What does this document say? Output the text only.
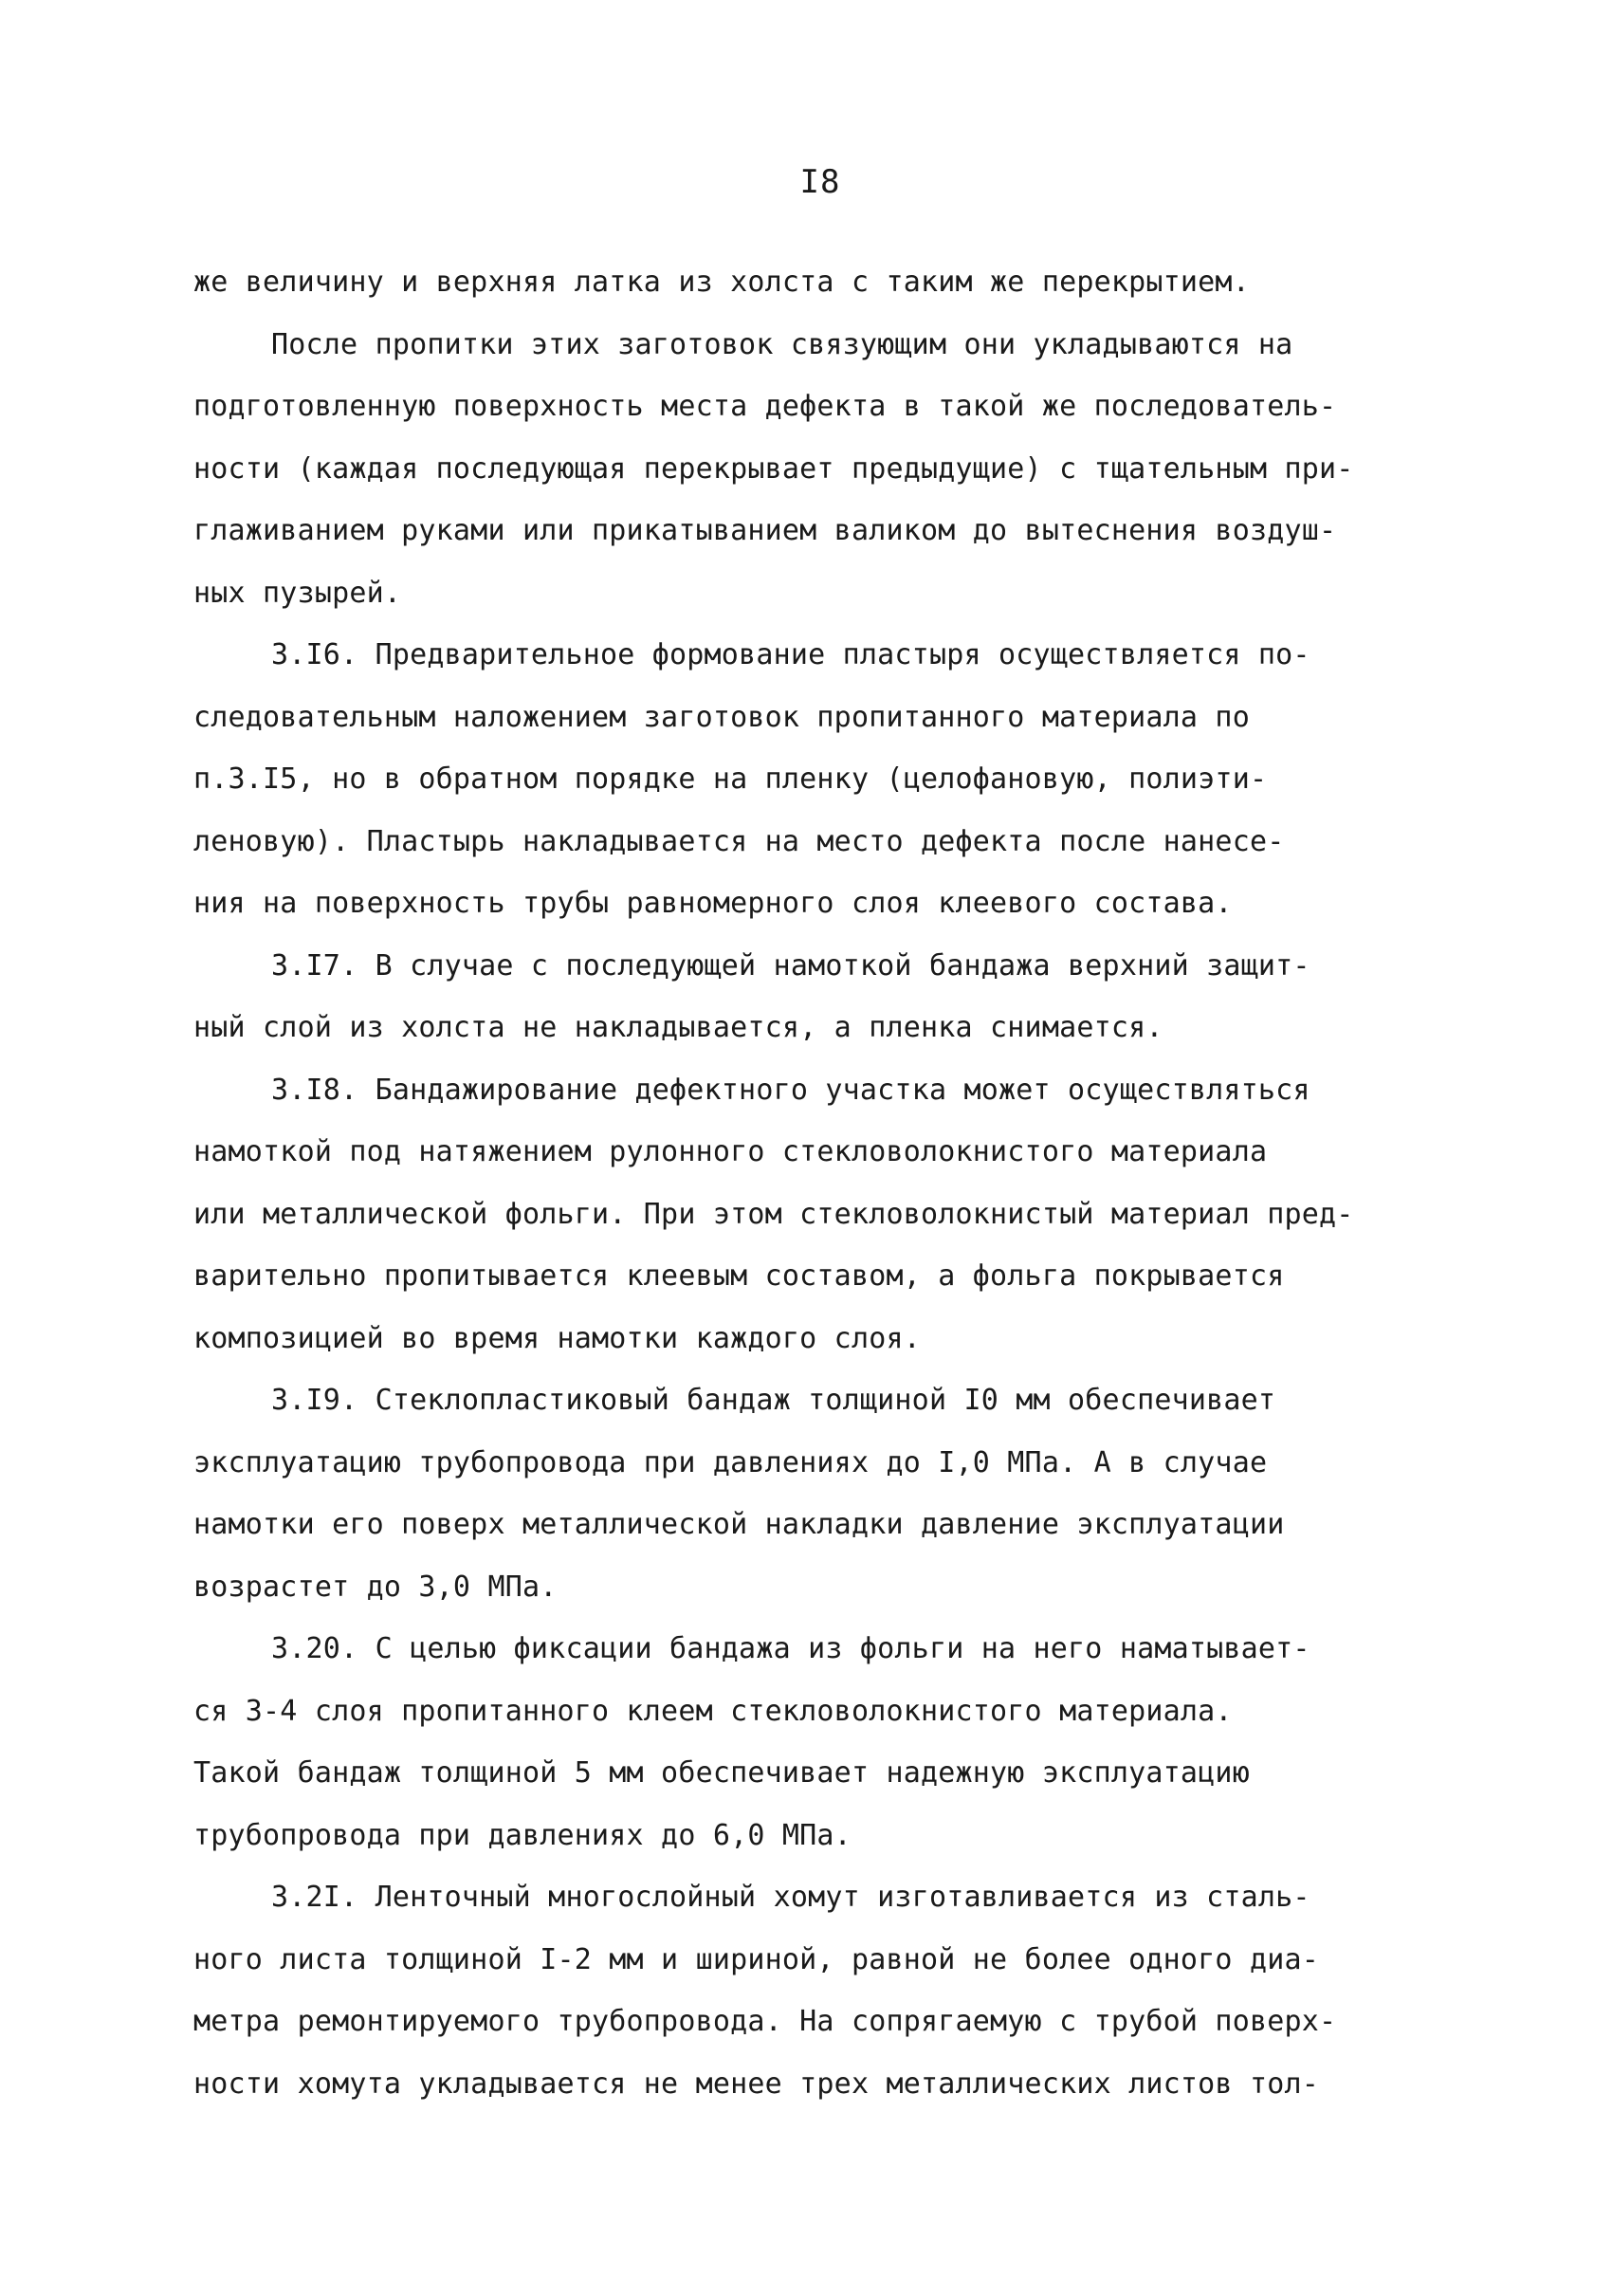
I8
же величину и верхняя латка из холста с таким же перекрытием.
После пропитки этих заготовок связующим они укладываются на
подготовленную поверхность места дефекта в такой же последователь-
ности (каждая последующая перекрывает предыдущие) с тщательным при-
глаживанием руками или прикатыванием валиком до вытеснения воздуш-
ных пузырей.
3.I6. Предварительное формование пластыря осуществляется по-
следовательным наложением заготовок пропитанного материала по
п.3.I5, но в обратном порядке на пленку (целофановую, полиэти-
леновую). Пластырь накладывается на место дефекта после нанесе-
ния на поверхность трубы равномерного слоя клеевого состава.
3.I7. В случае с последующей намоткой бандажа верхний защит-
ный слой из холста не накладывается, а пленка снимается.
3.I8. Бандажирование дефектного участка может осуществляться
намоткой под натяжением рулонного стекловолокнистого материала
или металлической фольги. При этом стекловолокнистый материал пред-
варительно пропитывается клеевым составом, а фольга покрывается
композицией во время намотки каждого слоя.
3.I9. Стеклопластиковый бандаж толщиной I0 мм обеспечивает
эксплуатацию трубопровода при давлениях до I,0 МПа. А в случае
намотки его поверх металлической накладки давление эксплуатации
возрастет до 3,0 МПа.
3.20. С целью фиксации бандажа из фольги на него наматывает-
ся 3-4 слоя пропитанного клеем стекловолокнистого материала.
Такой бандаж толщиной 5 мм обеспечивает надежную эксплуатацию
трубопровода при давлениях до 6,0 МПа.
3.2I. Ленточный многослойный хомут изготавливается из сталь-
ного листа толщиной I-2 мм и шириной, равной не более одного диа-
метра ремонтируемого трубопровода. На сопрягаемую с трубой поверх-
ности хомута укладывается не менее трех металлических листов тол-
